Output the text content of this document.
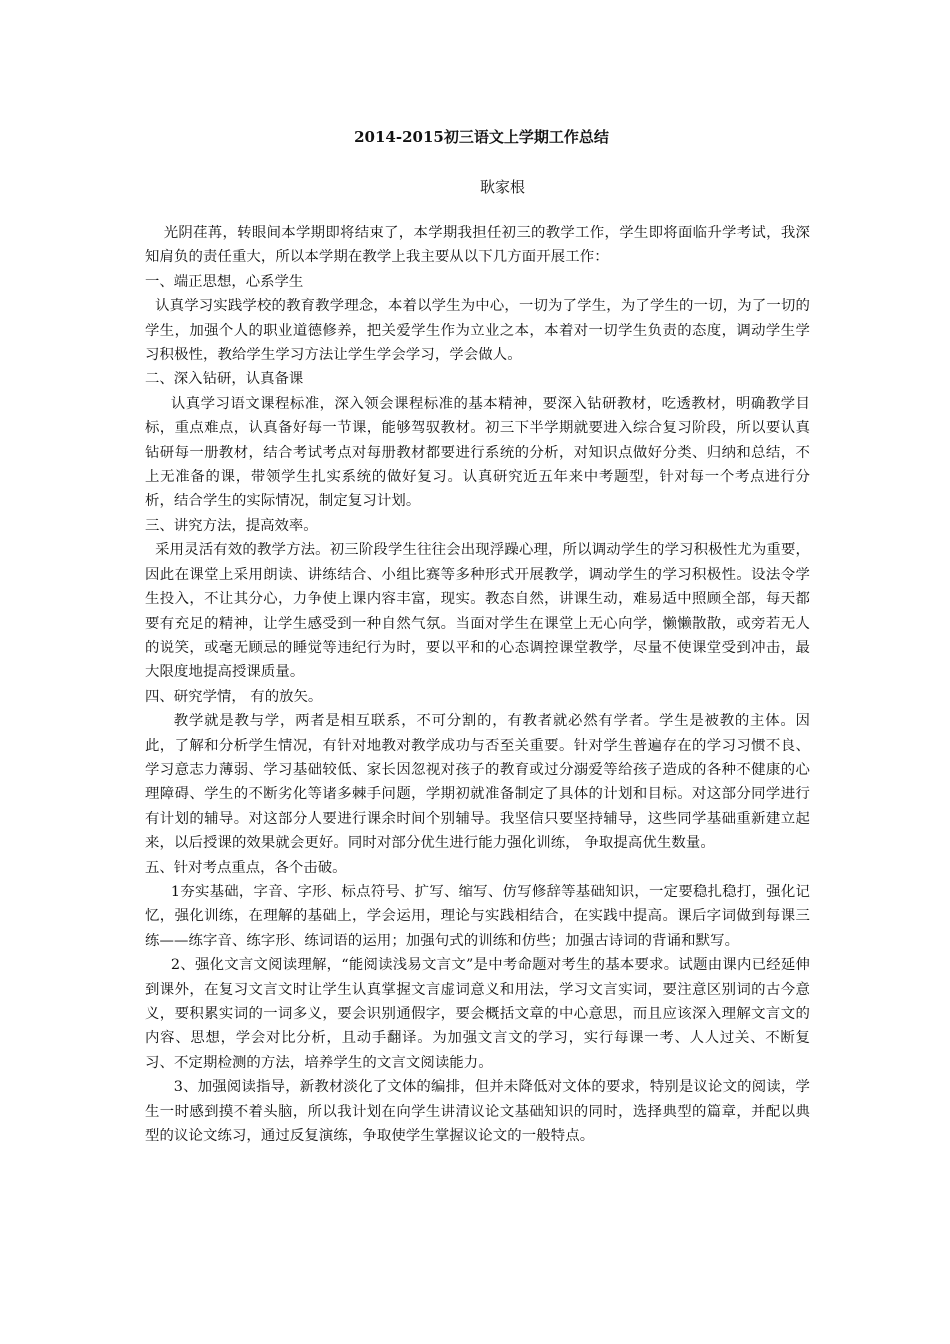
2014-2015初三语文上学期工作总结
耿家根

光阴荏苒，转眼间本学期即将结束了，本学期我担任初三的教学工作，学生即将面临升学考试，我深知肩负的责任重大，所以本学期在教学上我主要从以下几方面开展工作：

一、端正思想，心系学生

认真学习实践学校的教育教学理念，本着以学生为中心，一切为了学生，为了学生的一切，为了一切的学生，加强个人的职业道德修养，把关爱学生作为立业之本，本着对一切学生负责的态度，调动学生学习积极性，教给学生学习方法让学生学会学习，学会做人。

二、深入钻研，认真备课

认真学习语文课程标准，深入领会课程标准的基本精神，要深入钻研教材，吃透教材，明确教学目标，重点难点，认真备好每一节课，能够驾驭教材。初三下半学期就要进入综合复习阶段，所以要认真钻研每一册教材，结合考试考点对每册教材都要进行系统的分析，对知识点做好分类、归纳和总结，不上无准备的课，带领学生扎实系统的做好复习。认真研究近五年来中考题型，针对每一个考点进行分析，结合学生的实际情况，制定复习计划。

三、讲究方法，提高效率。

采用灵活有效的教学方法。初三阶段学生往往会出现浮躁心理，所以调动学生的学习积极性尤为重要，因此在课堂上采用朗读、讲练结合、小组比赛等多种形式开展教学，调动学生的学习积极性。设法令学生投入，不让其分心，力争使上课内容丰富，现实。教态自然，讲课生动，难易适中照顾全部，每天都要有充足的精神，让学生感受到一种自然气氛。当面对学生在课堂上无心向学，懒懒散散，或旁若无人的说笑，或毫无顾忌的睡觉等违纪行为时，要以平和的心态调控课堂教学，尽量不使课堂受到冲击，最大限度地提高授课质量。

四、研究学情， 有的放矢。

教学就是教与学，两者是相互联系，不可分割的，有教者就必然有学者。学生是被教的主体。因此，了解和分析学生情况，有针对地教对教学成功与否至关重要。针对学生普遍存在的学习习惯不良、学习意志力薄弱、学习基础较低、家长因忽视对孩子的教育或过分溺爱等给孩子造成的各种不健康的心理障碍、学生的不断劣化等诸多棘手问题，学期初就准备制定了具体的计划和目标。对这部分同学进行有计划的辅导。对这部分人要进行课余时间个别辅导。我坚信只要坚持辅导，这些同学基础重新建立起来，以后授课的效果就会更好。同时对部分优生进行能力强化训练， 争取提高优生数量。

五、针对考点重点，各个击破。

1夯实基础，字音、字形、标点符号、扩写、缩写、仿写修辞等基础知识，一定要稳扎稳打，强化记忆，强化训练，在理解的基础上，学会运用，理论与实践相结合，在实践中提高。课后字词做到每课三练——练字音、练字形、练词语的运用；加强句式的训练和仿些；加强古诗词的背诵和默写。

2、强化文言文阅读理解，“能阅读浅易文言文”是中考命题对考生的基本要求。试题由课内已经延伸到课外，在复习文言文时让学生认真掌握文言虚词意义和用法，学习文言实词，要注意区别词的古今意义，要积累实词的一词多义，要会识别通假字，要会概括文章的中心意思，而且应该深入理解文言文的内容、思想，学会对比分析，且动手翻译。为加强文言文的学习，实行每课一考、人人过关、不断复习、不定期检测的方法，培养学生的文言文阅读能力。

3、加强阅读指导，新教材淡化了文体的编排，但并未降低对文体的要求，特别是议论文的阅读，学生一时感到摸不着头脑，所以我计划在向学生讲清议论文基础知识的同时，选择典型的篇章，并配以典型的议论文练习，通过反复演练，争取使学生掌握议论文的一般特点。
